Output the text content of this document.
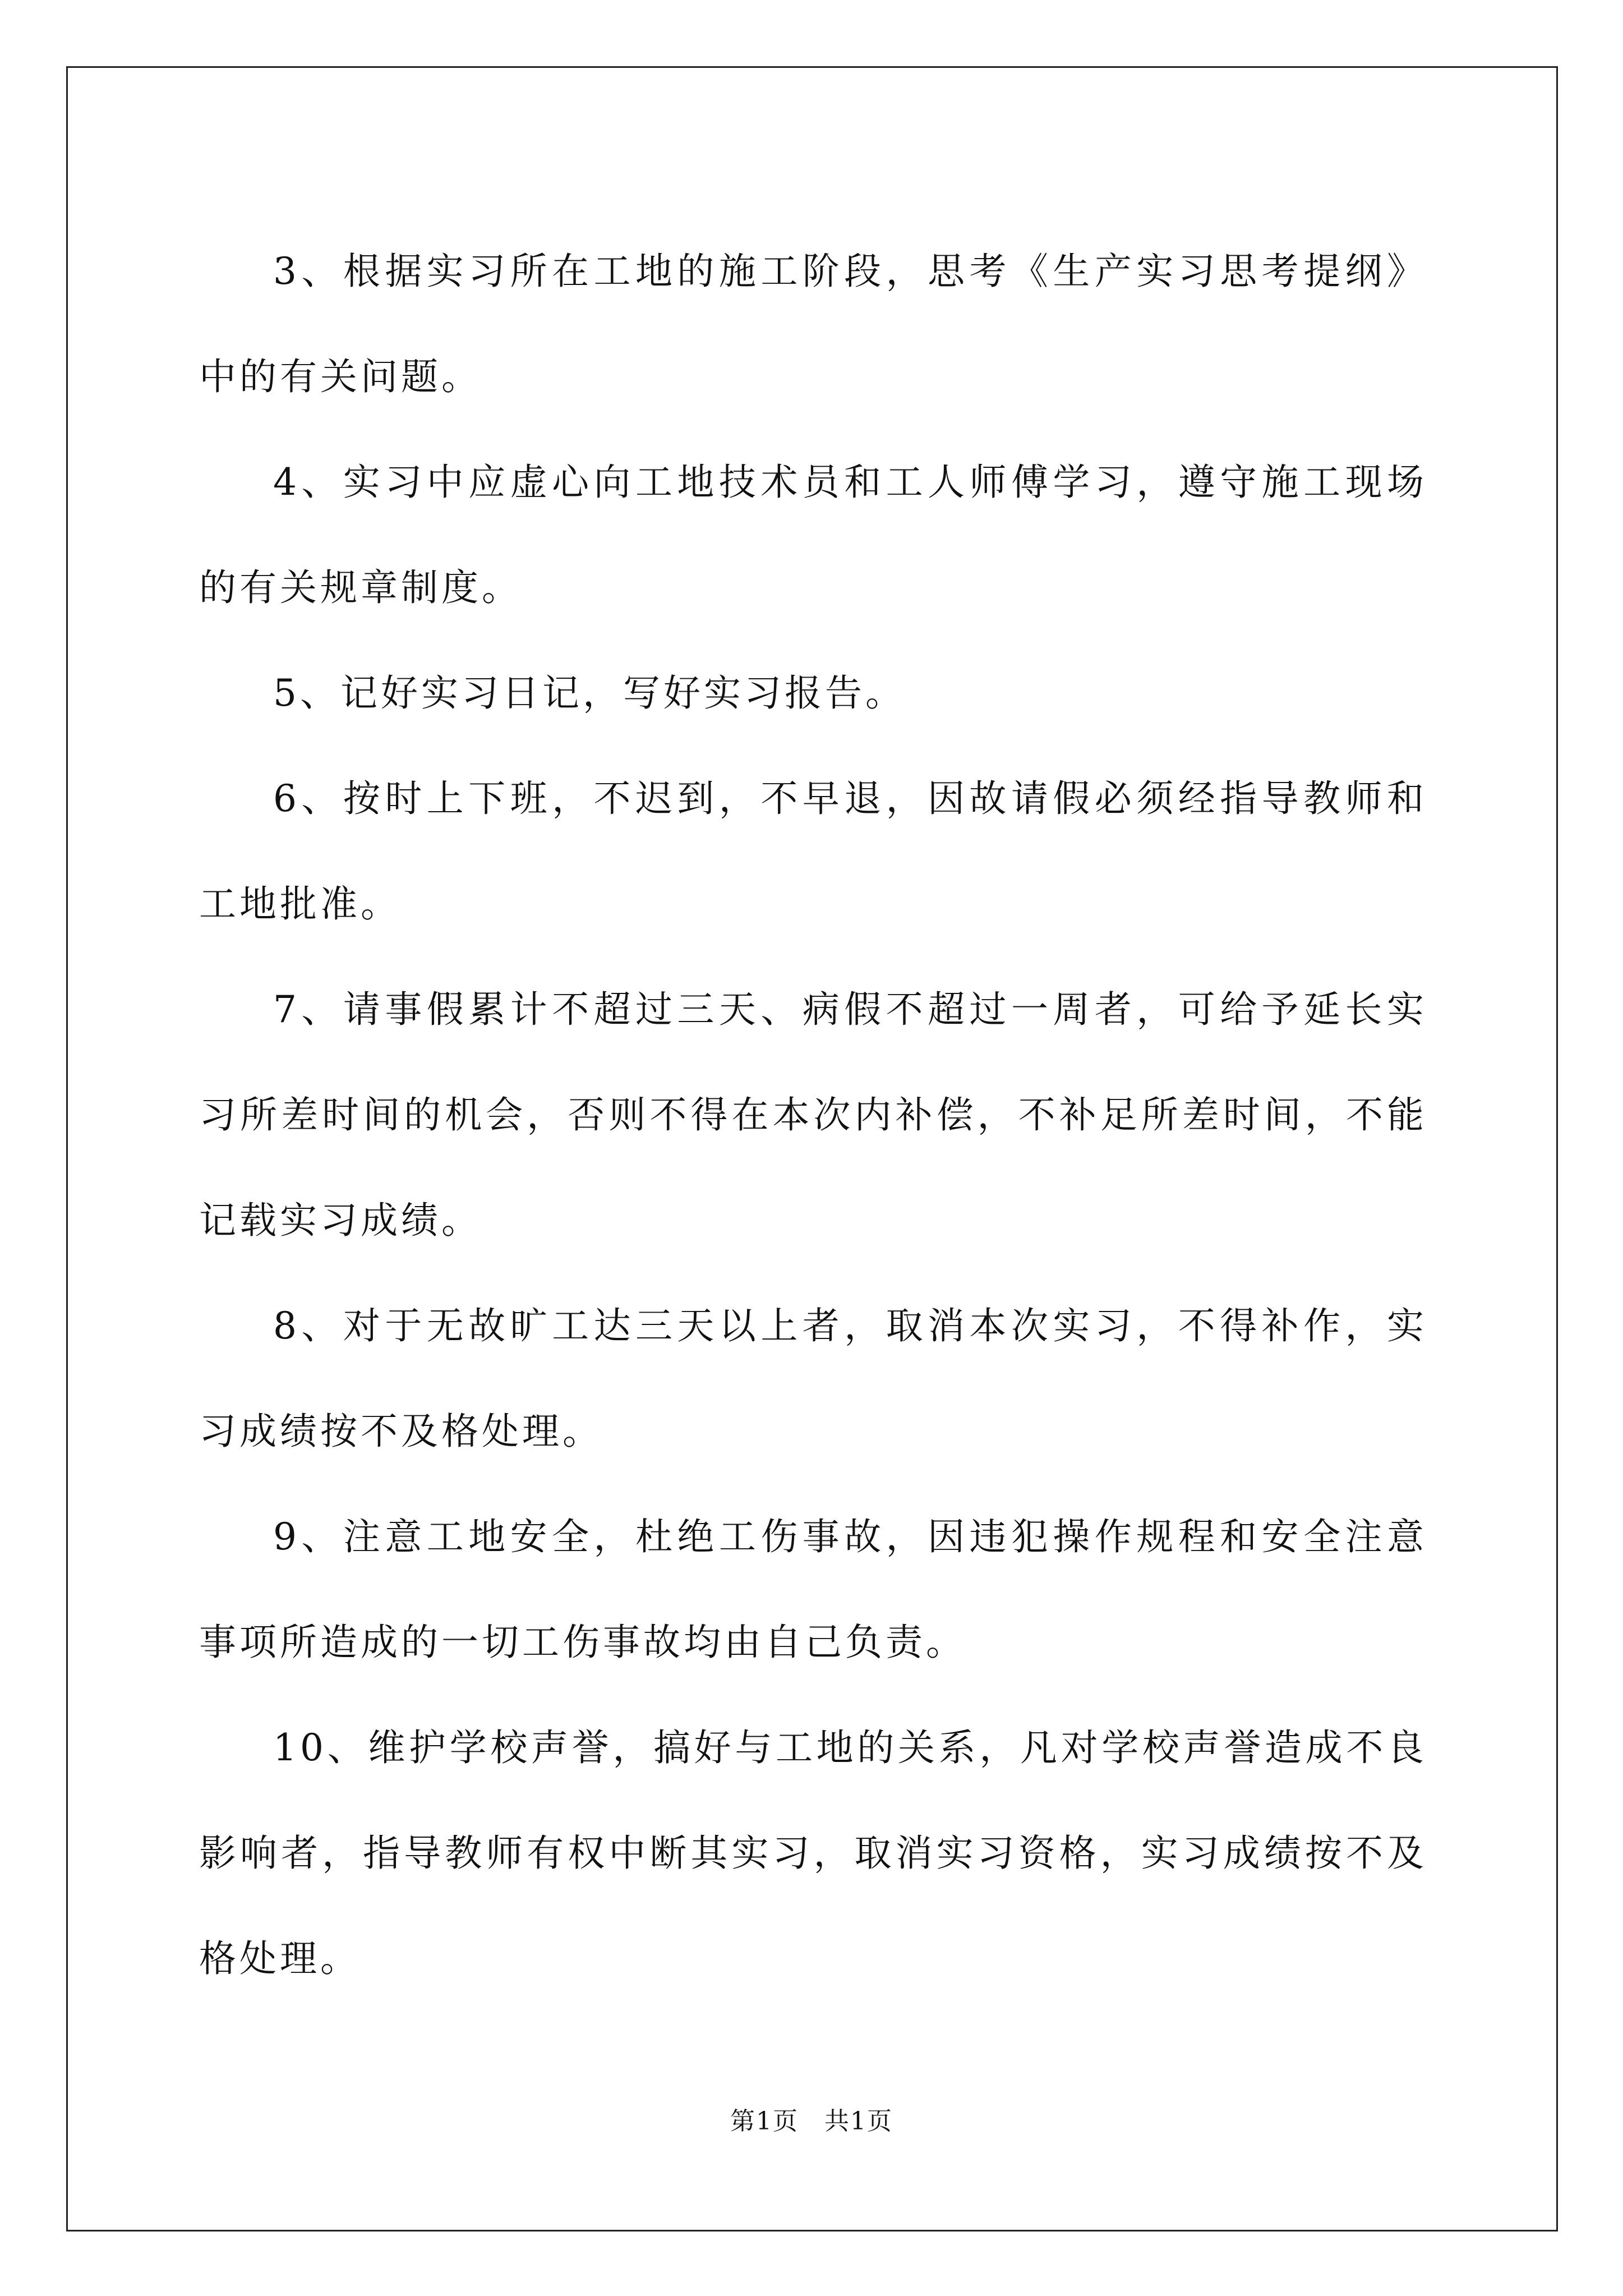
3、根据实习所在工地的施工阶段，思考《生产实习思考提纲》中的有关问题。

4、实习中应虚心向工地技术员和工人师傅学习，遵守施工现场的有关规章制度。

5、记好实习日记，写好实习报告。

6、按时上下班，不迟到，不早退，因故请假必须经指导教师和工地批准。

7、请事假累计不超过三天、病假不超过一周者，可给予延长实习所差时间的机会，否则不得在本次内补偿，不补足所差时间，不能记载实习成绩。

8、对于无故旷工达三天以上者，取消本次实习，不得补作，实习成绩按不及格处理。

9、注意工地安全，杜绝工伤事故，因违犯操作规程和安全注意事项所造成的一切工伤事故均由自己负责。

10、维护学校声誉，搞好与工地的关系，凡对学校声誉造成不良影响者，指导教师有权中断其实习，取消实习资格，实习成绩按不及格处理。

第1页　共1页
